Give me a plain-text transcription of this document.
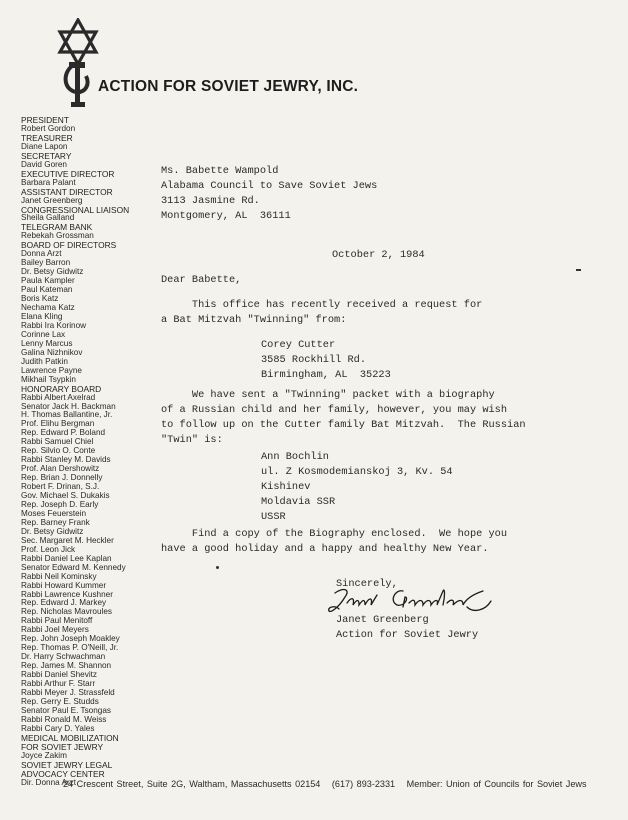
ACTION FOR SOVIET JEWRY, INC.
PRESIDENT
Robert Gordon
TREASURER
Diane Lapon
SECRETARY
David Goren
EXECUTIVE DIRECTOR
Barbara Palant
ASSISTANT DIRECTOR
Janet Greenberg
CONGRESSIONAL LIAISON
Sheila Galland
TELEGRAM BANK
Rebekah Grossman
BOARD OF DIRECTORS
Donna Arzt
Bailey Barron
Dr. Betsy Gidwitz
Paula Kampler
Paul Kateman
Boris Katz
Nechama Katz
Elana Kling
Rabbi Ira Korinow
Corinne Lax
Lenny Marcus
Galina Nizhnikov
Judith Patkin
Lawrence Payne
Mikhail Tsypkin
HONORARY BOARD
Rabbi Albert Axelrad
Senator Jack H. Backman
H. Thomas Ballantine, Jr.
Prof. Elihu Bergman
Rep. Edward P. Boland
Rabbi Samuel Chiel
Rep. Silvio O. Conte
Rabbi Stanley M. Davids
Prof. Alan Dershowitz
Rep. Brian J. Donnelly
Robert F. Drinan, S.J.
Gov. Michael S. Dukakis
Rep. Joseph D. Early
Moses Feuerstein
Rep. Barney Frank
Dr. Betsy Gidwitz
Sec. Margaret M. Heckler
Prof. Leon Jick
Rabbi Daniel Lee Kaplan
Senator Edward M. Kennedy
Rabbi Neil Kominsky
Rabbi Howard Kummer
Rabbi Lawrence Kushner
Rep. Edward J. Markey
Rep. Nicholas Mavroules
Rabbi Paul Menitoff
Rabbi Joel Meyers
Rep. John Joseph Moakley
Rep. Thomas P. O'Neill, Jr.
Dr. Harry Schwachman
Rep. James M. Shannon
Rabbi Daniel Shevitz
Rabbi Arthur F. Starr
Rabbi Meyer J. Strassfeld
Rep. Gerry E. Studds
Senator Paul E. Tsongas
Rabbi Ronald M. Weiss
Rabbi Cary D. Yales
MEDICAL MOBILIZATION
FOR SOVIET JEWRY
Joyce Zakim
SOVIET JEWRY LEGAL
ADVOCACY CENTER
Dir. Donna Arzt

Ms. Babette Wampold
Alabama Council to Save Soviet Jews
3113 Jasmine Rd.
Montgomery, AL  36111

October 2, 1984

Dear Babette,

This office has recently received a request for
a Bat Mitzvah "Twinning" from:

Corey Cutter
3585 Rockhill Rd.
Birmingham, AL  35223

We have sent a "Twinning" packet with a biography
of a Russian child and her family, however, you may wish
to follow up on the Cutter family Bat Mitzvah.  The Russian
"Twin" is:

Ann Bochlin
ul. Z Kosmodemianskoj 3, Kv. 54
Kishinev
Moldavia SSR
USSR

Find a copy of the Biography enclosed.  We hope you
have a good holiday and a happy and healthy New Year.

Sincerely,

Janet Greenberg

Action for Soviet Jewry

24 Crescent Street, Suite 2G, Waltham, Massachusetts 02154 (617) 893-2331 Member: Union of Councils for Soviet Jews
